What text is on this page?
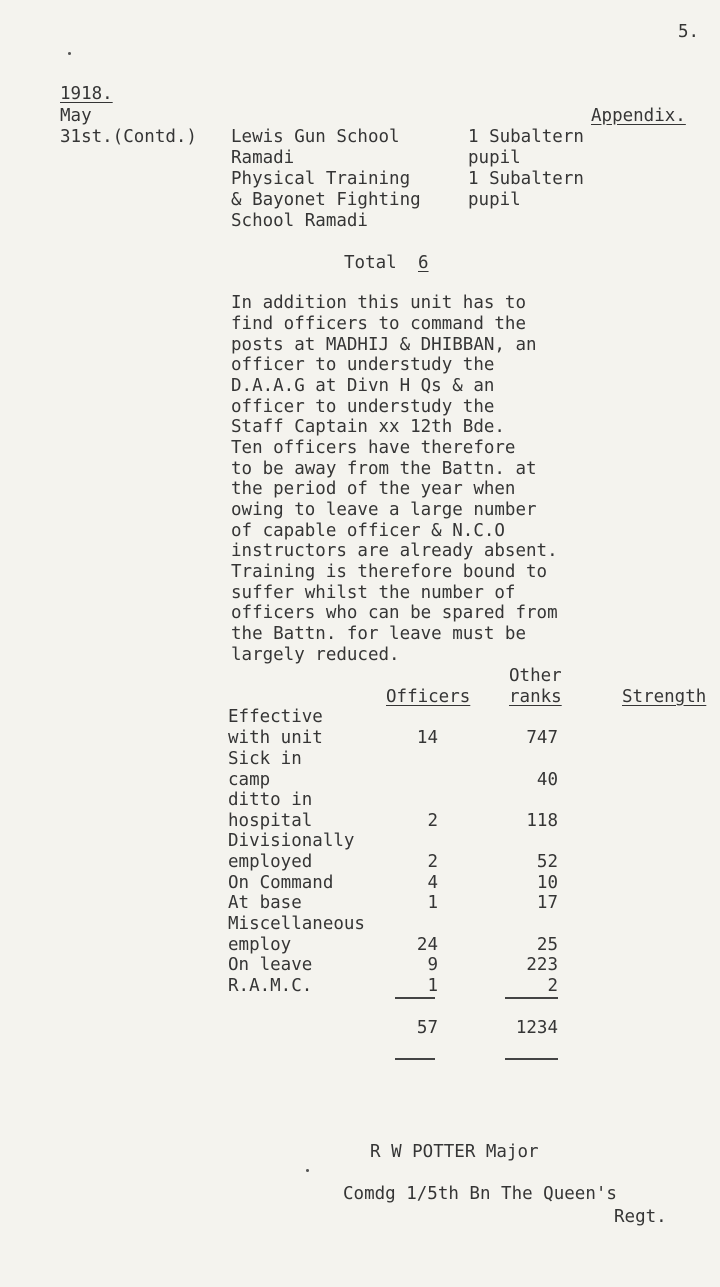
5.
1918.
May
31st.(Contd.)
Appendix.
Lewis Gun School
Ramadi
1 Subaltern
pupil
Physical Training
& Bayonet Fighting
School Ramadi
1 Subaltern
pupil
Total 6
In addition this unit has to
find officers to command the
posts at MADHIJ & DHIBBAN, an
officer to understudy the
D.A.A.G at Divn H Qs & an
officer to understudy the
Staff Captain xx 12th Bde.
Ten officers have therefore
to be away from the Battn. at
the period of the year when
owing to leave a large number
of capable officer & N.C.O
instructors are already absent.
Training is therefore bound to
suffer whilst the number of
officers who can be spared from
the Battn. for leave must be
largely reduced.
Officers
Other
ranks	Strength
Effective
with unit
Sick in
camp
ditto in
hospital
Divisionally
employed
On Command
At base
Miscellaneous
employ
On leave
R.A.M.C.
14
2
2
4
1
24
9
1
747
40
118
52
10
17
25
223
2
57	1234
R W POTTER Major
Comdg 1/5th Bn The Queen's
Regt.
